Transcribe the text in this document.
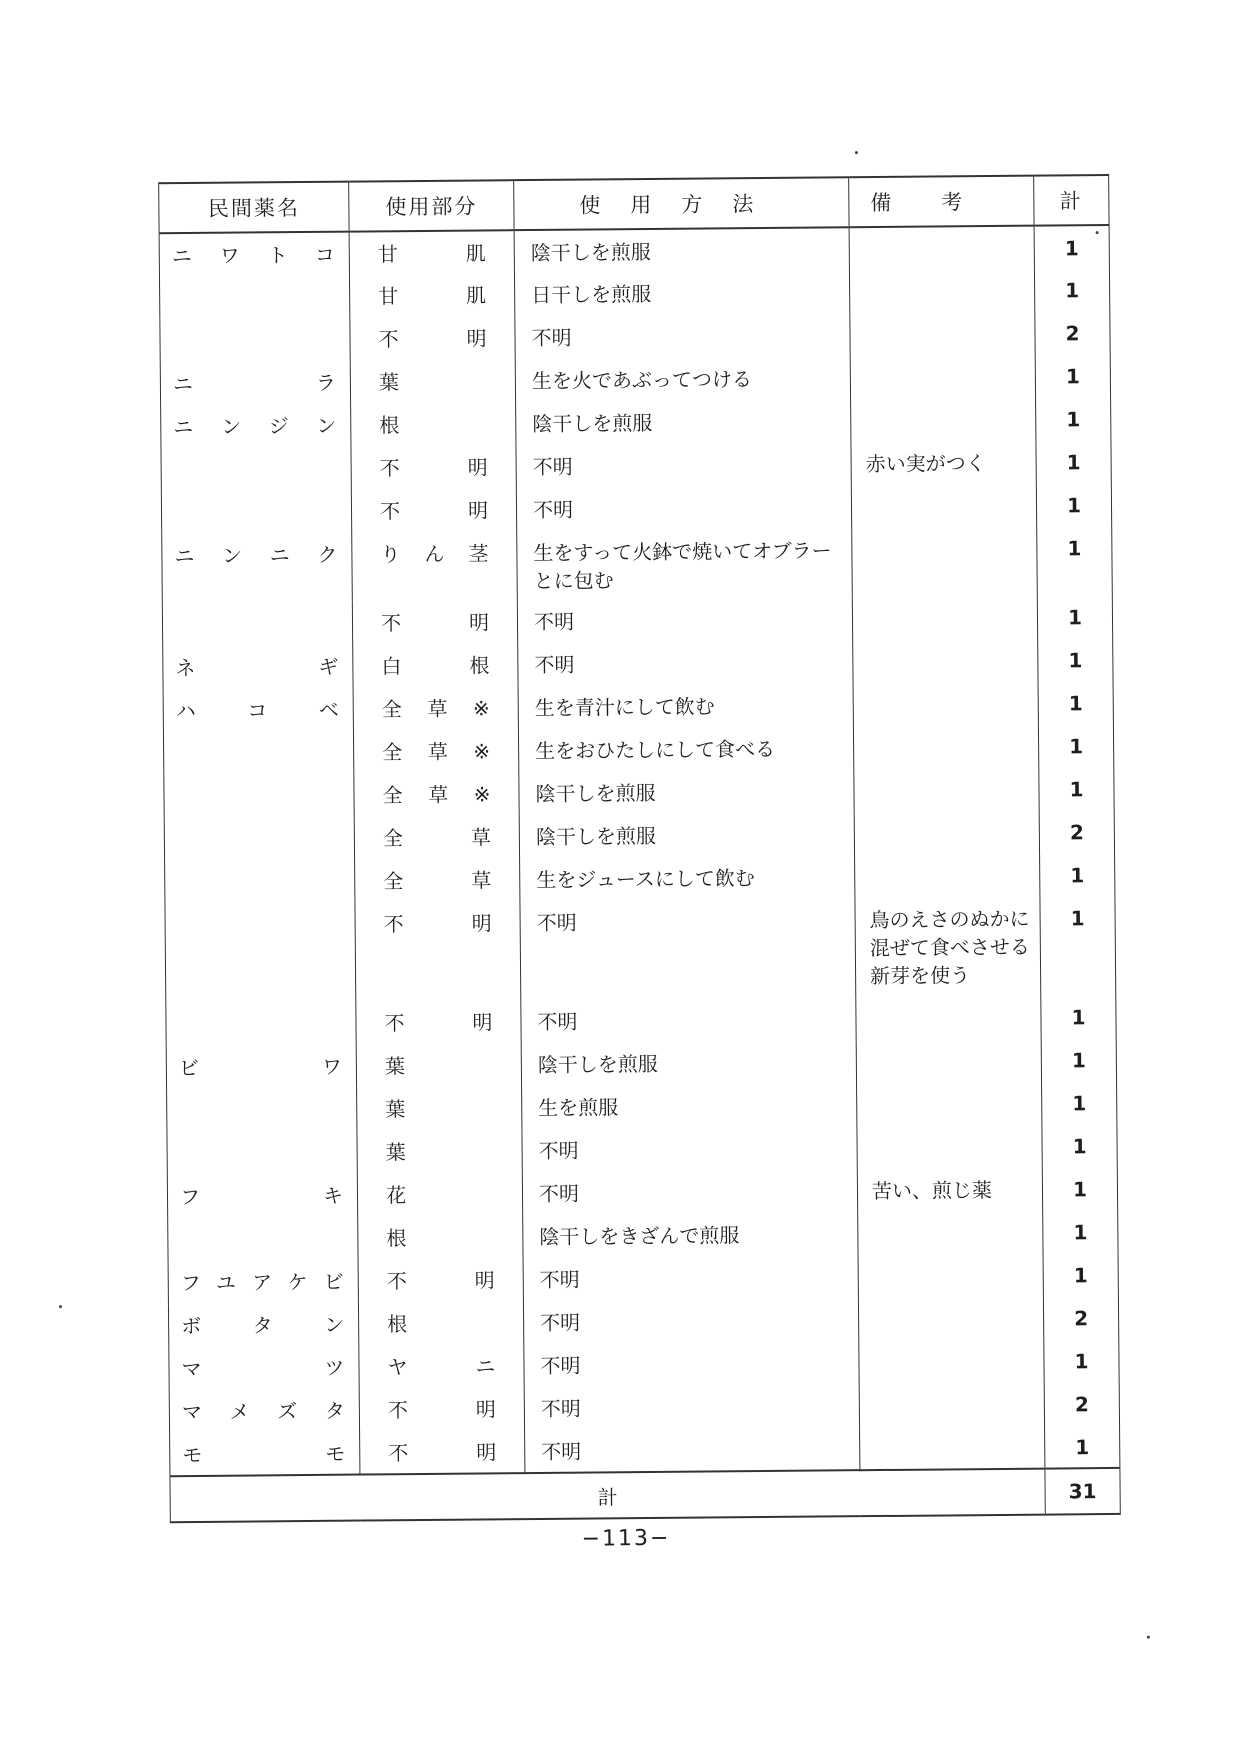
民間薬名	使用部分	使用方法	備考	計
ニワトコ	甘肌	陰干しを煎服		1
	甘肌	日干しを煎服		1
	不明	不明		2
ニラ	葉	生を火であぶってつける		1
ニンジン	根	陰干しを煎服		1
	不明	不明	赤い実がつく	1
	不明	不明		1
ニンニク	りん茎	生をすって火鉢で焼いてオブラーとに包む		1
	不明	不明		1
ネギ	白根	不明		1
ハコベ	全草※	生を青汁にして飲む		1
	全草※	生をおひたしにして食べる		1
	全草※	陰干しを煎服		1
	全草	陰干しを煎服		2
	全草	生をジュースにして飲む		1
	不明	不明	鳥のえさのぬかに混ぜて食べさせる新芽を使う	1
	不明	不明		1
ビワ	葉	陰干しを煎服		1
	葉	生を煎服		1
	葉	不明		1
フキ	花	不明	苦い、煎じ薬	1
	根	陰干しをきざんで煎服		1
フユアケビ	不明	不明		1
ボタン	根	不明		2
マツ	ヤニ	不明		1
マメズタ	不明	不明		2
モモ	不明	不明		1
計				31
−113−
